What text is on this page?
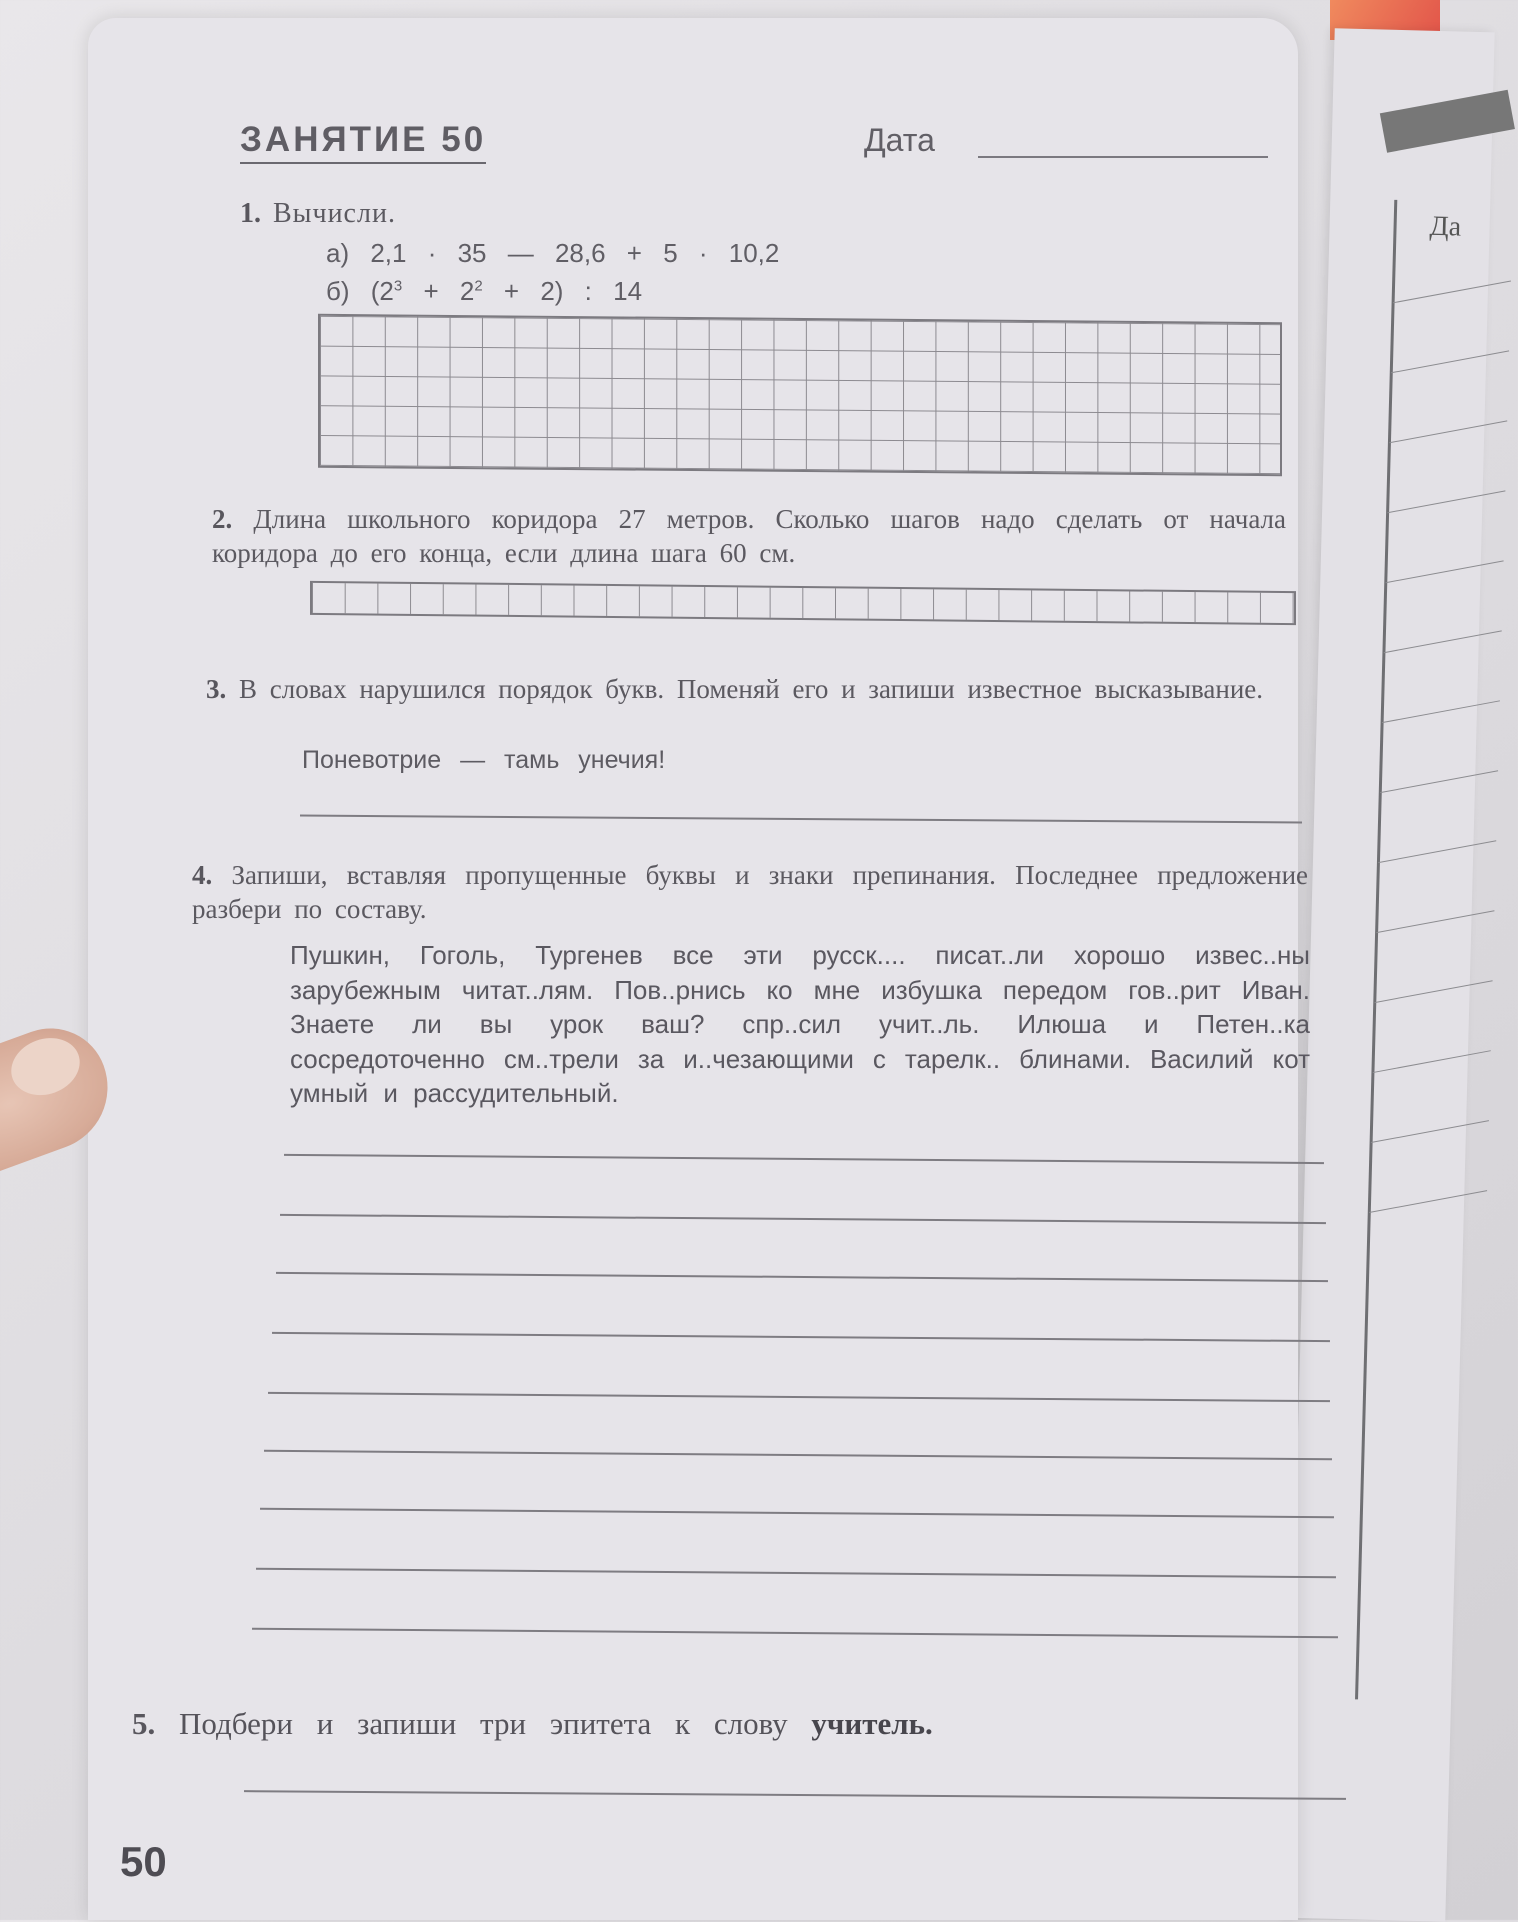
Да
ЗАНЯТИЕ 50	Дата
1. Вычисли.
а) 2,1 · 35 — 28,6 + 5 · 10,2
б) $(2^3 + 2^2 + 2)$ : 14
2. Длина школьного коридора 27 метров. Сколько шагов надо сделать от начала коридора до его конца, если длина шага 60 см.
3. В словах нарушился порядок букв. Поменяй его и запиши известное высказывание.
Поневотрие — тамь унечия!
4. Запиши, вставляя пропущенные буквы и знаки препинания. Последнее предложение разбери по составу.
Пушкин, Гоголь, Тургенев все эти русск.... писат..ли хорошо извес..ны зарубежным читат..лям. Пов..рнись ко мне избушка передом гов..рит Иван. Знаете ли вы урок ваш? спр..сил учит..ль. Илюша и Петен..ка сосредоточенно см..трели за и..чезающими с тарелк.. блинами. Василий кот умный и рассудительный.
5. Подбери и запиши три эпитета к слову учитель.
50
